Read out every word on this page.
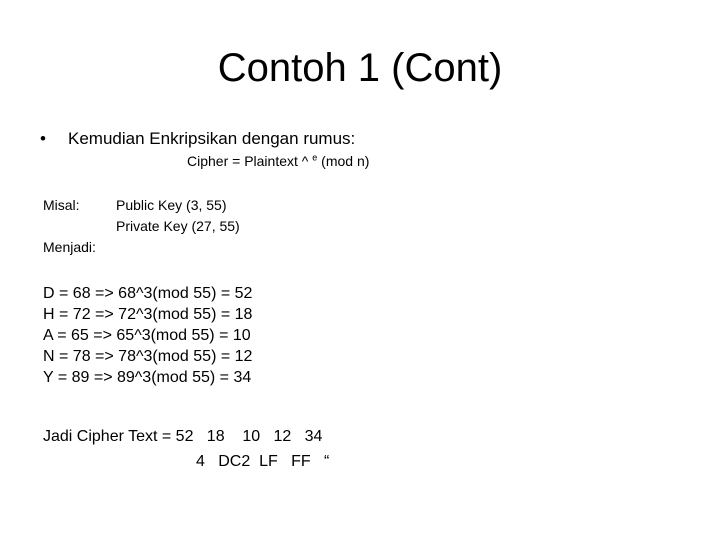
Contoh 1 (Cont)
• Kemudian Enkripsikan dengan rumus:
Cipher = Plaintext ^ $^e$ (mod n)
Misal:	Public Key (3, 55)
Private Key (27, 55)
Menjadi:
D = 68 => 68^3(mod 55) = 52
H = 72 => 72^3(mod 55) = 18
A = 65 => 65^3(mod 55) = 10
N = 78 => 78^3(mod 55) = 12
Y = 89 => 89^3(mod 55) = 34
Jadi Cipher Text = 52   18    10   12   34
4   DC2  LF   FF   “
